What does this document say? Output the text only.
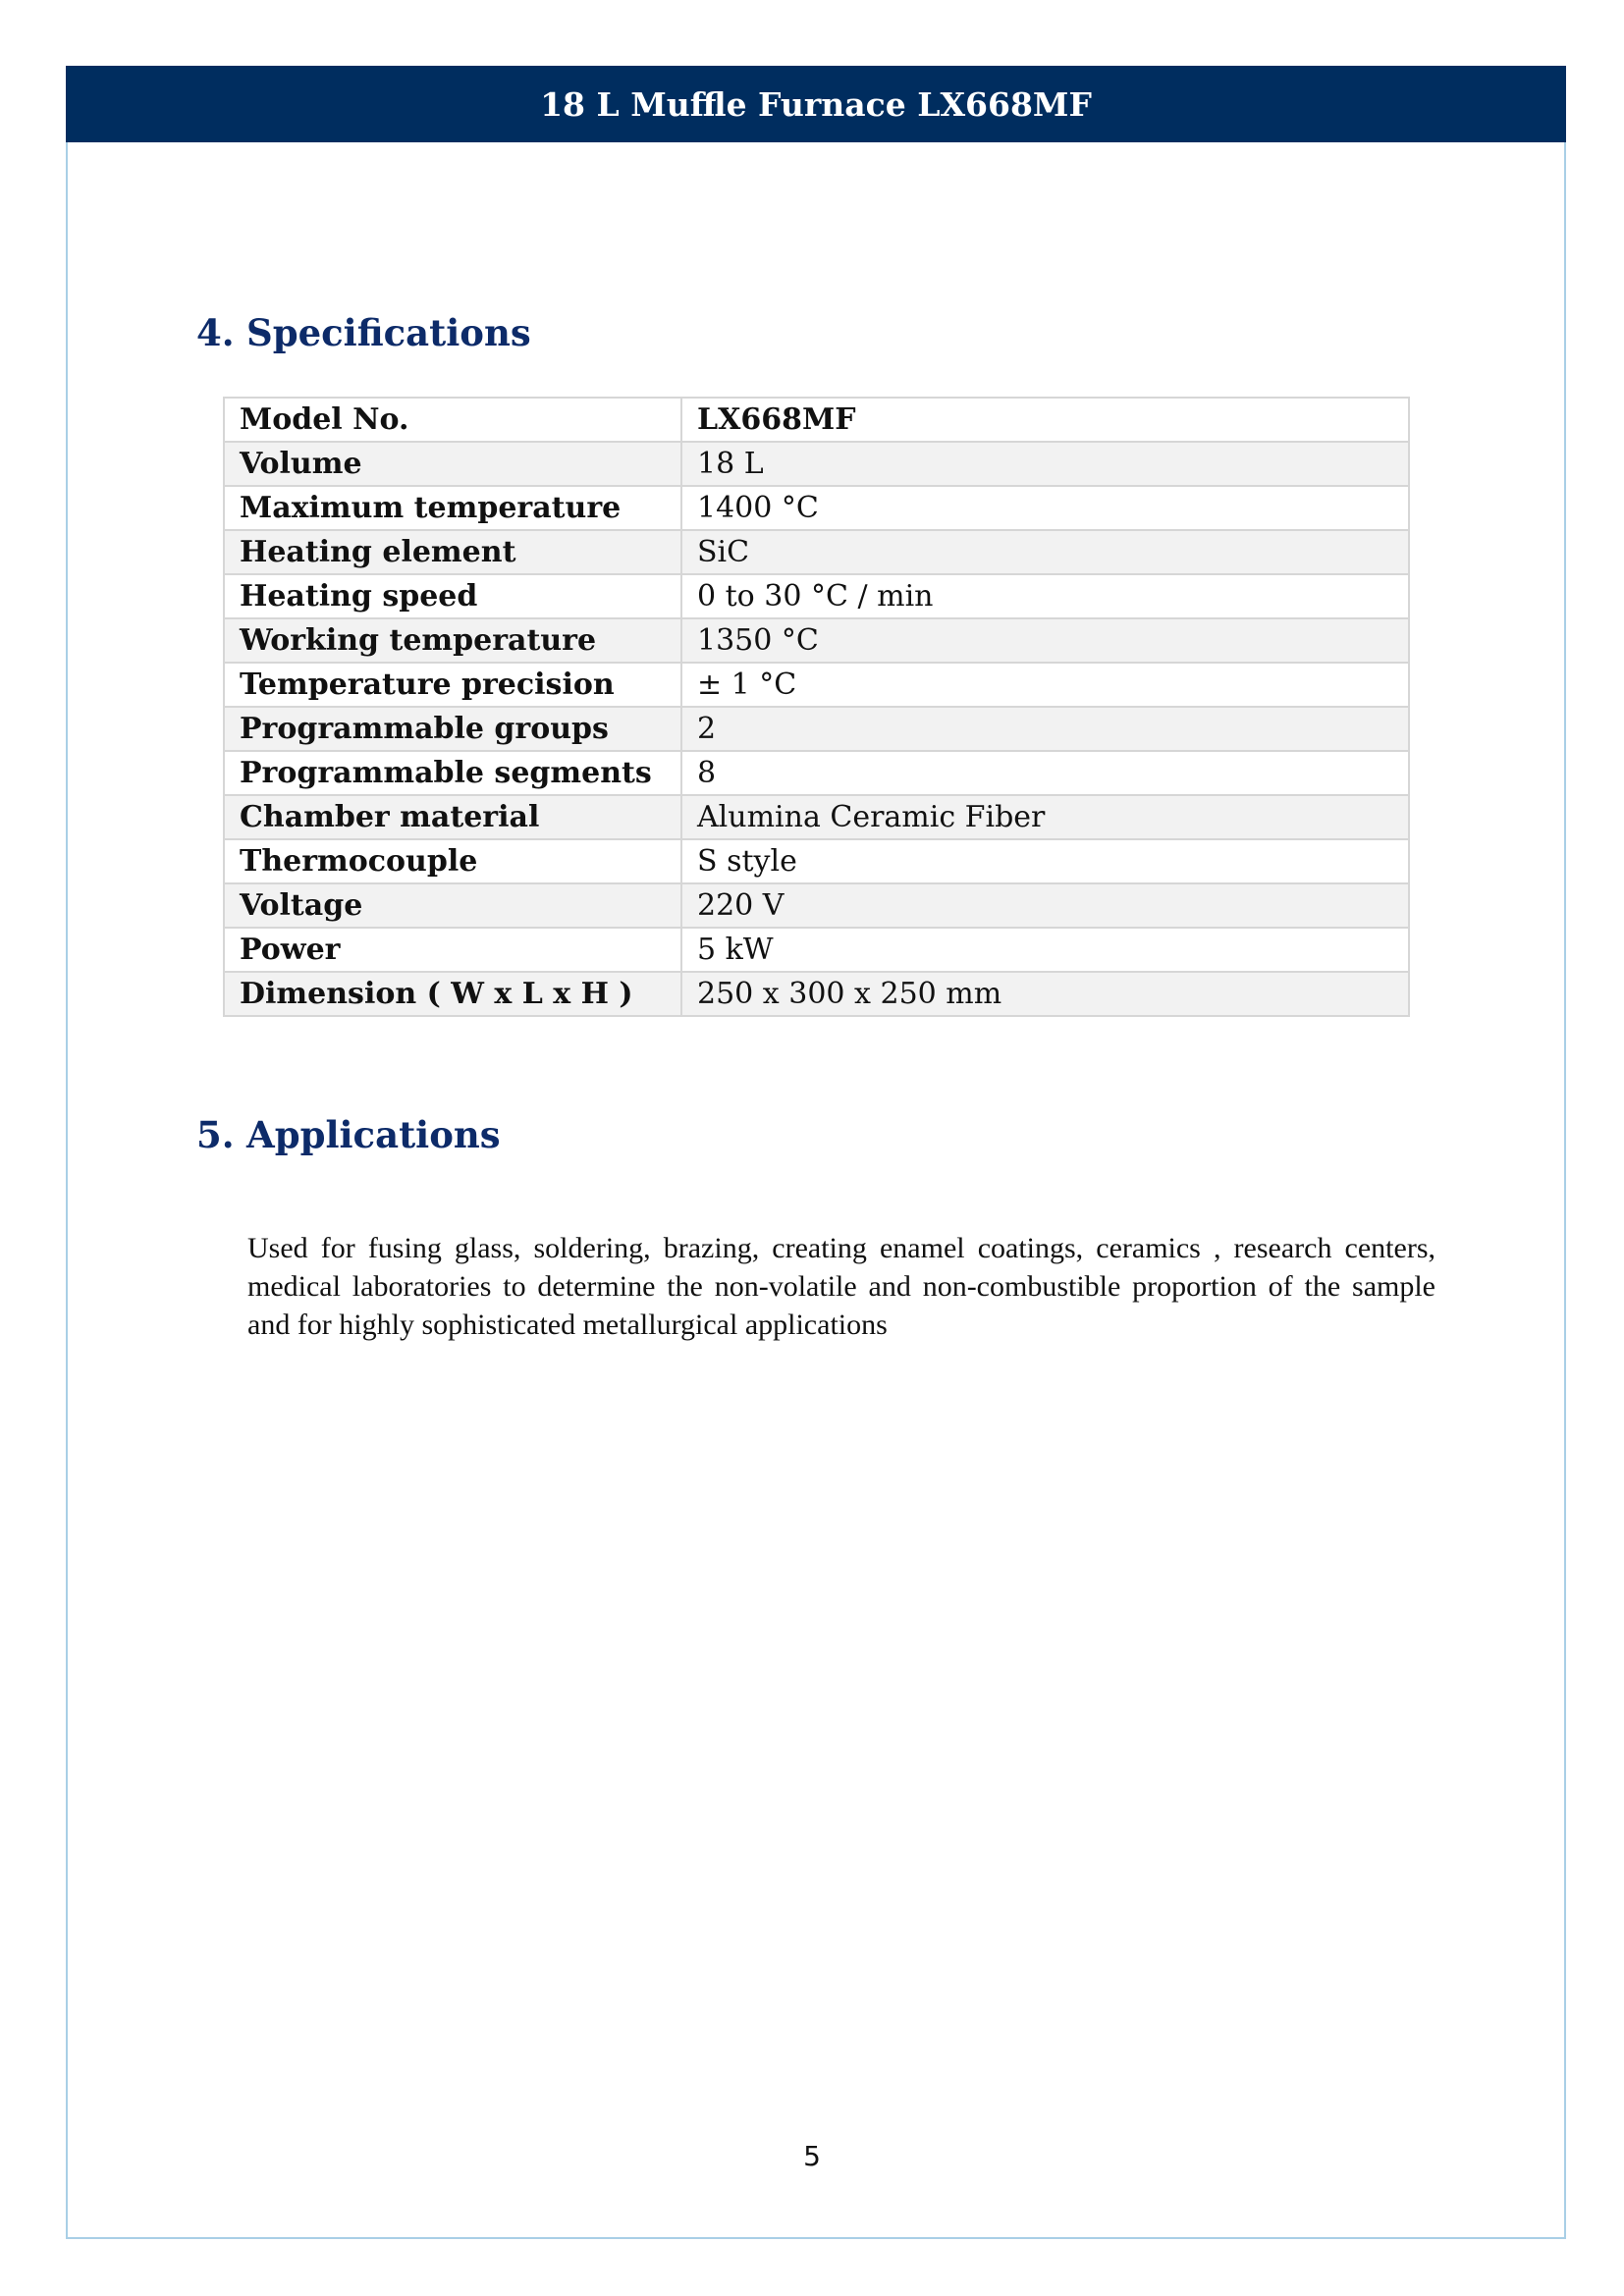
18 L Muffle Furnace LX668MF
4. Specifications
Model No.	LX668MF
Volume	18 L
Maximum temperature	1400 °C
Heating element	SiC
Heating speed	0 to 30 °C / min
Working temperature	1350 °C
Temperature precision	± 1 °C
Programmable groups	2
Programmable segments	8
Chamber material	Alumina Ceramic Fiber
Thermocouple	S style
Voltage	220 V
Power	5 kW
Dimension ( W x L x H )	250 x 300 x 250 mm
5. Applications

Used for fusing glass, soldering, brazing, creating enamel coatings, ceramics , research centers, medical laboratories to determine the non-volatile and non-combustible proportion of the sample and for highly sophisticated metallurgical applications

5
